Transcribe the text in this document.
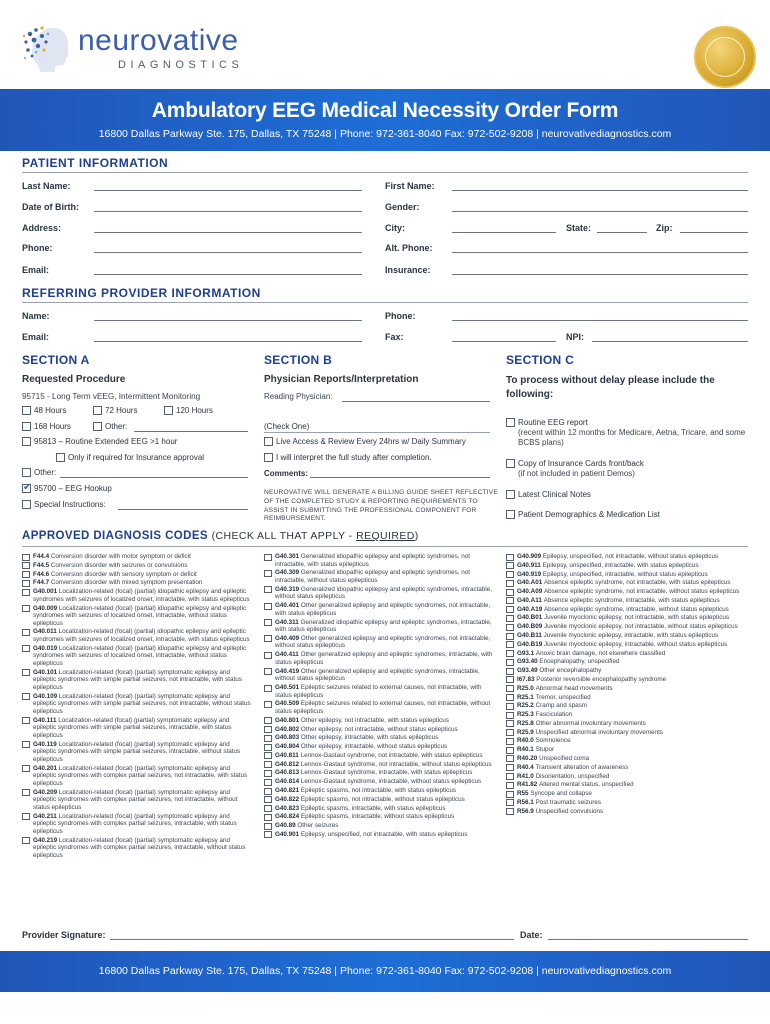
neurovative
DIAGNOSTICS
Ambulatory EEG Medical Necessity Order Form
16800 Dallas Parkway Ste. 175, Dallas, TX 75248 | Phone: 972-361-8040 Fax: 972-502-9208 | neurovativediagnostics.com
PATIENT INFORMATION
Last Name:	First Name:
Date of Birth:	Gender:
Address:	City:	State:	Zip:
Phone:	Alt. Phone:
Email:	Insurance:
REFERRING PROVIDER INFORMATION
Name:	Phone:
Email:	Fax:	NPI:
SECTION A
Requested Procedure
95715 - Long Term vEEG, Intermittent Monitoring
48 Hours	72 Hours	120 Hours
168 Hours	Other:
95813 – Routine Extended EEG >1 hour
Only if required for Insurance approval
Other:
✔
95700 – EEG Hookup
Special Instructions:
SECTION B
Physician Reports/Interpretation
Reading Physician:
(Check One)
Live Access & Review Every 24hrs w/ Daily Summary
I will interpret the full study after completion.
Comments:
NEUROVATIVE WILL GENERATE A BILLING GUIDE SHEET REFLECTIVE OF THE COMPLETED STUDY & REPORTING REQUIREMENTS TO ASSIST IN SUBMITTING THE PROFESSIONAL COMPONENT FOR REIMBURSEMENT.
SECTION C
To process without delay please include the following:
Routine EEG report
(recent within 12 months for Medicare, Aetna, Tricare, and some BCBS plans)
Copy of Insurance Cards front/back
(if not included in patient Demos)
Latest Clinical Notes
Patient Demographics & Medication List
APPROVED DIAGNOSIS CODES (CHECK ALL THAT APPLY - REQUIRED)
F44.4 Conversion disorder with motor symptom or deficit
F44.5 Conversion disorder with seizures or convulsions
F44.6 Conversion disorder with sensory symptom or deficit
F44.7 Conversion disorder with mixed symptom presentation
G40.001 Localization-related (focal) (partial) idiopathic epilepsy and epileptic syndromes with seizures of localized onset, intractable, with status epilepticus
G40.009 Localization-related (focal) (partial) idiopathic epilepsy and epileptic syndromes with seizures of localized onset, intractable, without status epilepticus
G40.011 Localization-related (focal) (partial) idiopathic epilepsy and epileptic syndromes with seizures of localized onset, intractable, with status epilepticus
G40.019 Localization-related (focal) (partial) idiopathic epilepsy and epileptic syndromes with seizures of localized onset, intractable, without status epilepticus
G40.101 Localization-related (focal) (partial) symptomatic epilepsy and epileptic syndromes with simple partial seizures, not intractable, with status epilepticus
G40.109 Localization-related (focal) (partial) symptomatic epilepsy and epileptic syndromes with simple partial seizures, not intractable, without status epilepticus
G40.111 Localization-related (focal) (partial) symptomatic epilepsy and epileptic syndromes with simple partial seizures, intractable, with status epilepticus
G40.119 Localization-related (focal) (partial) symptomatic epilepsy and epileptic syndromes with simple partial seizures, intractable, without status epilepticus
G40.201 Localization-related (focal) (partial) symptomatic epilepsy and epileptic syndromes with complex partial seizures, not intractable, with status epilepticus
G40.209 Localization-related (focal) (partial) symptomatic epilepsy and epileptic syndromes with complex partial seizures, not intractable, without status epilepticus
G40.211 Localization-related (focal) (partial) symptomatic epilepsy and epileptic syndromes with complex partial seizures, intractable, with status epilepticus
G40.219 Localization-related (focal) (partial) symptomatic epilepsy and epileptic syndromes with complex partial seizures, intractable, without status epilepticus
G40.301 Generalized idiopathic epilepsy and epileptic syndromes, not intractable, with status epilepticus
G40.309 Generalized idiopathic epilepsy and epileptic syndromes, not intractable, without status epilepticus
G40.319 Generalized idiopathic epilepsy and epileptic syndromes, intractable, without status epilepticus
G40.401 Other generalized epilepsy and epileptic syndromes, not intractable, with status epilepticus
G40.311 Generalized idiopathic epilepsy and epileptic syndromes, intractable, with status epilepticus
G40.409 Other generalized epilepsy and epileptic syndromes, not intractable, without status epilepticus
G40.411 Other generalized epilepsy and epileptic syndromes, intractable, with status epilepticus
G40.419 Other generalized epilepsy and epileptic syndromes, intractable, without status epilepticus
G40.501 Epileptic seizures related to external causes, not intractable, with status epilepticus
G40.509 Epileptic seizures related to external causes, not intractable, without status epilepticus
G40.801 Other epilepsy, not intractable, with status epilepticus
G40.802 Other epilepsy, not intractable, without status epilepticus
G40.803 Other epilepsy, intractable, with status epilepticus
G40.804 Other epilepsy, intractable, without status epilepticus
G40.811 Lennox-Gastaut syndrome, not intractable, with status epilepticus
G40.812 Lennox-Gastaut syndrome, not intractable, without status epilepticus
G40.813 Lennox-Gastaut syndrome, intractable, with status epilepticus
G40.814 Lennox-Gastaut syndrome, intractable, without status epilepticus
G40.821 Epileptic spasms, not intractable, with status epilepticus
G40.822 Epileptic spasms, not intractable, without status epilepticus
G40.823 Epileptic spasms, intractable, with status epilepticus
G40.824 Epileptic spasms, intractable, without status epilepticus
G40.89 Other seizures
G40.901 Epilepsy, unspecified, not intractable, with status epilepticus
G40.909 Epilepsy, unspecified, not intractable, without status epilepticus
G40.911 Epilepsy, unspecified, intractable, with status epilepticus
G40.919 Epilepsy, unspecified, intractable, without status epilepticus
G40.A01 Absence epileptic syndrome, not intractable, with status epilepticus
G40.A09 Absence epileptic syndrome, not intractable, without status epilepticus
G40.A11 Absence epileptic syndrome, intractable, with status epilepticus
G40.A19 Absence epileptic syndrome, intractable, without status epilepticus
G40.B01 Juvenile myoclonic epilepsy, not intractable, with status epilepticus
G40.B09 Juvenile myoclonic epilepsy, not intractable, without status epilepticus
G40.B11 Juvenile myoclonic epilepsy, intractable, with status epilepticus
G40.B19 Juvenile myoclonic epilepsy, intractable, without status epilepticus
G93.1 Anoxic brain damage, not elsewhere classified
G93.40 Encephalopathy, unspecified
G93.49 Other encephalopathy
I67.83 Posterior reversible encephalopathy syndrome
R25.0 Abnormal head movements
R25.1 Tremor, unspecified
R25.2 Cramp and spasm
R25.3 Fasciculation
R25.8 Other abnormal involuntary movements
R25.9 Unspecified abnormal involuntary movements
R40.0 Somnolence
R40.1 Stupor
R40.20 Unspecified coma
R40.4 Transient alteration of awareness
R41.0 Disorientation, unspecified
R41.82 Altered mental status, unspecified
R55 Syncope and collapse
R56.1 Post traumatic seizures
R56.9 Unspecified convulsions
Provider Signature:	Date:
16800 Dallas Parkway Ste. 175, Dallas, TX 75248 | Phone: 972-361-8040 Fax: 972-502-9208 | neurovativediagnostics.com
